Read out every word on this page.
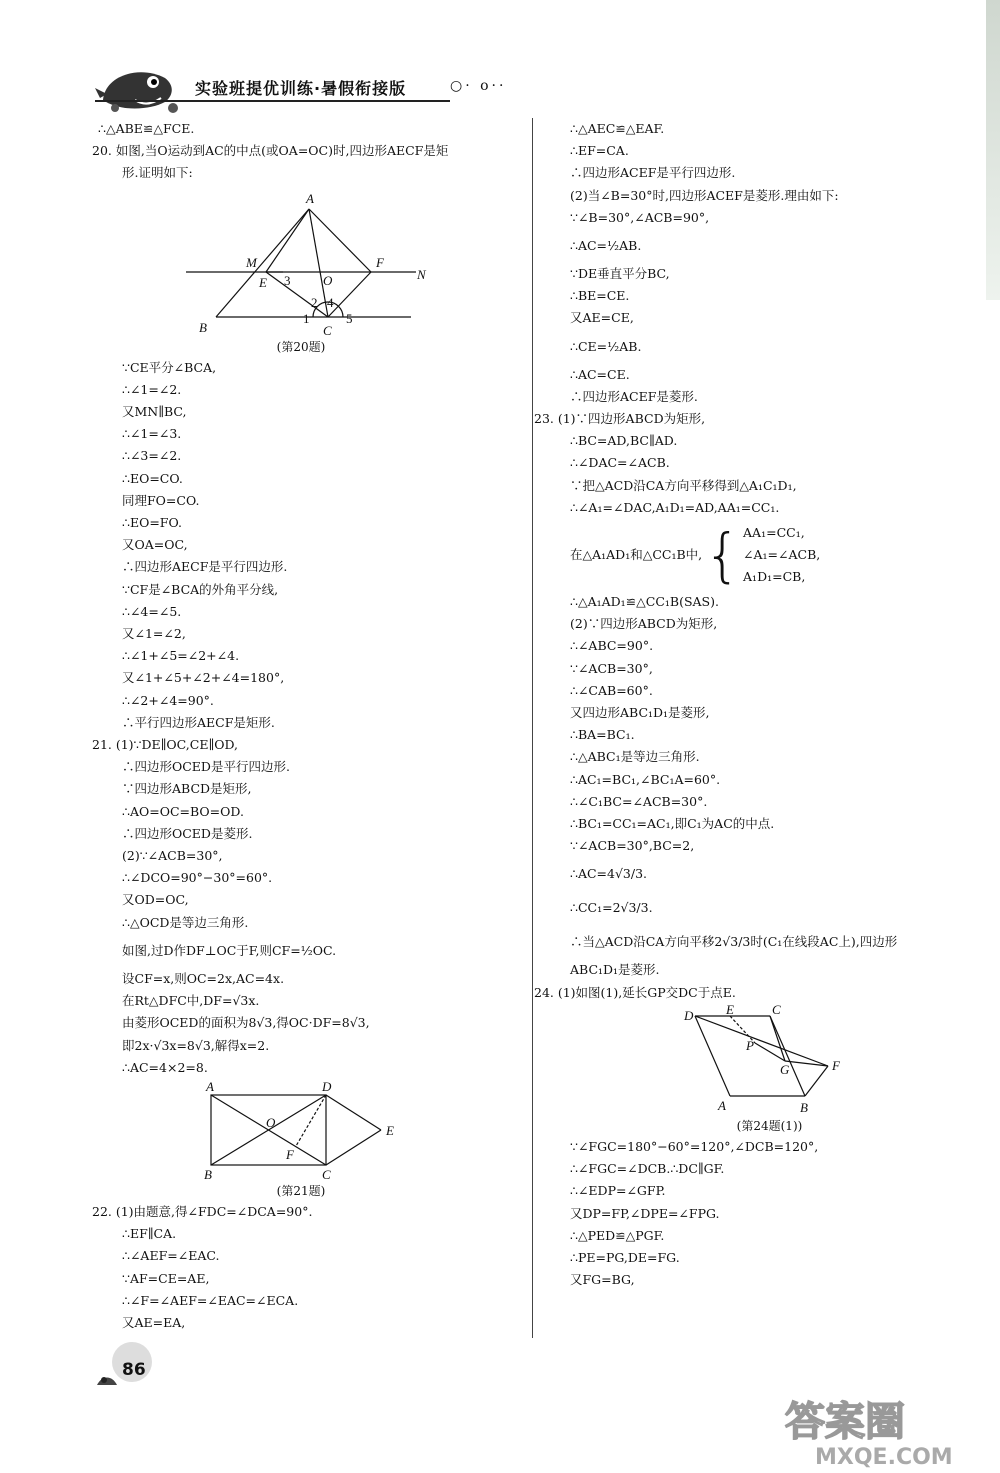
实验班提优训练·暑假衔接版	○· o··
∴△ABE≌△FCE.
20. 如图,当O运动到AC的中点(或OA=OC)时,四边形AECF是矩
形.证明如下:
A
M	F
N
E 3	O
2 4
1	5
B	C
(第20题)
∵CE平分∠BCA,
∴∠1=∠2.
又MN∥BC,
∴∠1=∠3.
∴∠3=∠2.
∴EO=CO.
同理FO=CO.
∴EO=FO.
又OA=OC,
∴四边形AECF是平行四边形.
∵CF是∠BCA的外角平分线,
∴∠4=∠5.
又∠1=∠2,
∴∠1+∠5=∠2+∠4.
又∠1+∠5+∠2+∠4=180°,
∴∠2+∠4=90°.
∴平行四边形AECF是矩形.
21. (1)∵DE∥OC,CE∥OD,
∴四边形OCED是平行四边形.
∵四边形ABCD是矩形,
∴AO=OC=BO=OD.
∴四边形OCED是菱形.
(2)∵∠ACB=30°,
∴∠DCO=90°−30°=60°.
又OD=OC,
∴△OCD是等边三角形.
如图,过D作DF⊥OC于F,则CF=½OC.
设CF=x,则OC=2x,AC=4x.
在Rt△DFC中,DF=√3x.
由菱形OCED的面积为8√3,得OC·DF=8√3,
即2x·√3x=8√3,解得x=2.
∴AC=4×2=8.
A	D
O
E
F
B	C
(第21题)
22. (1)由题意,得∠FDC=∠DCA=90°.
∴EF∥CA.
∴∠AEF=∠EAC.
∵AF=CE=AE,
∴∠F=∠AEF=∠EAC=∠ECA.
又AE=EA,
∴△AEC≌△EAF.
∴EF=CA.
∴四边形ACEF是平行四边形.
(2)当∠B=30°时,四边形ACEF是菱形.理由如下:
∵∠B=30°,∠ACB=90°,
∴AC=½AB.
∵DE垂直平分BC,
∴BE=CE.
又AE=CE,
∴CE=½AB.
∴AC=CE.
∴四边形ACEF是菱形.
23. (1)∵四边形ABCD为矩形,
∴BC=AD,BC∥AD.
∴∠DAC=∠ACB.
∵把△ACD沿CA方向平移得到△A₁C₁D₁,
∴∠A₁=∠DAC,A₁D₁=AD,AA₁=CC₁.
在△A₁AD₁和△CC₁B中, { AA₁=CC₁,
∠A₁=∠ACB,
A₁D₁=CB,
∴△A₁AD₁≌△CC₁B(SAS).
(2)∵四边形ABCD为矩形,
∴∠ABC=90°.
∵∠ACB=30°,
∴∠CAB=60°.
又四边形ABC₁D₁是菱形,
∴BA=BC₁.
∴△ABC₁是等边三角形.
∴AC₁=BC₁,∠BC₁A=60°.
∴∠C₁BC=∠ACB=30°.
∴BC₁=CC₁=AC₁,即C₁为AC的中点.
∵∠ACB=30°,BC=2,
∴AC=4√3/3.
∴CC₁=2√3/3.
∴当△ACD沿CA方向平移2√3/3时(C₁在线段AC上),四边形
ABC₁D₁是菱形.
24. (1)如图(1),延长GP交DC于点E.
D	E	C
P
G	F
A	B
(第24题(1))
∵∠FGC=180°−60°=120°,∠DCB=120°,
∴∠FGC=∠DCB.∴DC∥GF.
∴∠EDP=∠GFP.
又DP=FP,∠DPE=∠FPG.
∴△PED≌△PGF.
∴PE=PG,DE=FG.
又FG=BG,
86
答案圈
MXQE.COM
